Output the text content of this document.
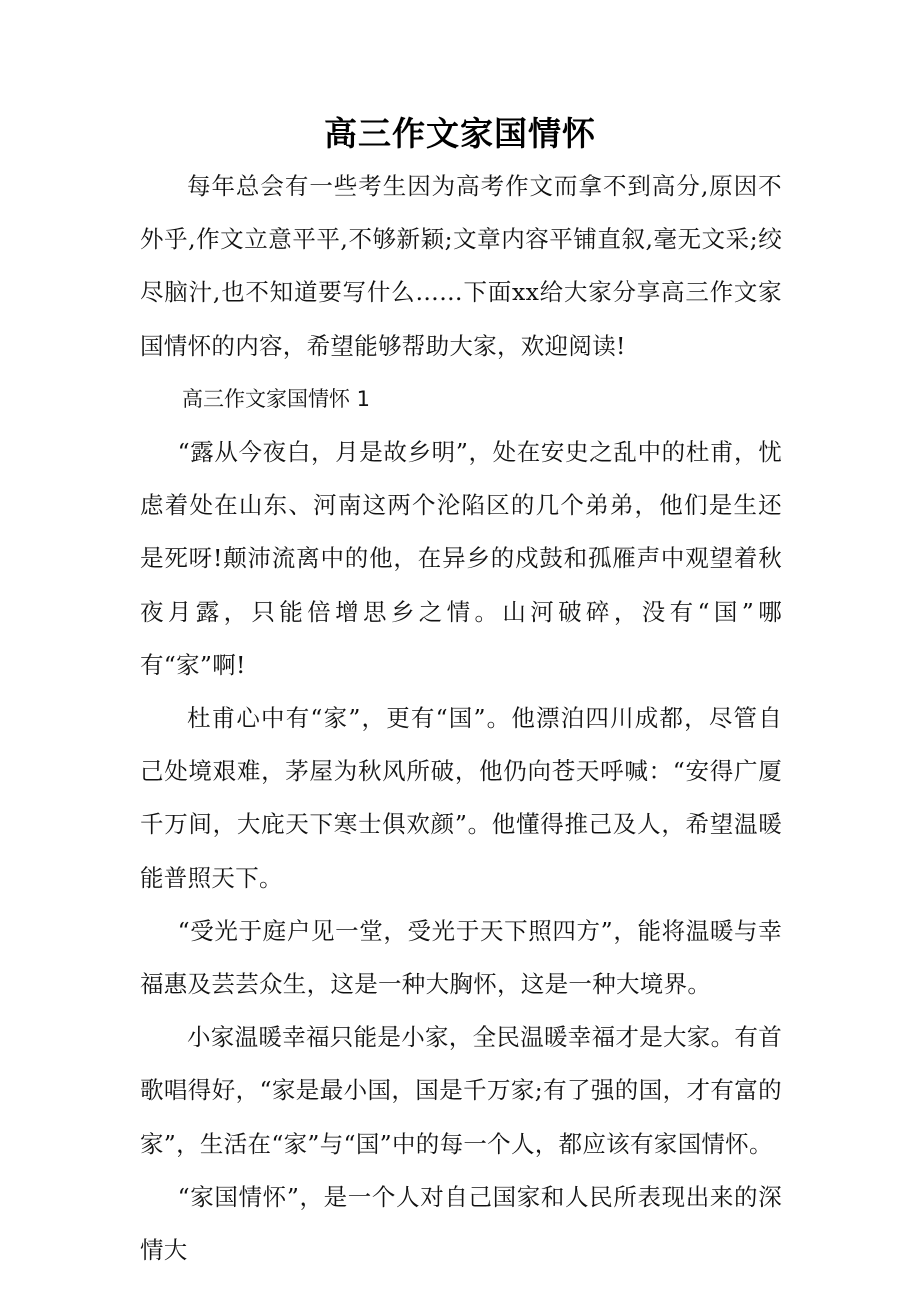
高三作文家国情怀

每年总会有一些考生因为高考作文而拿不到高分,原因不外乎,作文立意平平,不够新颖;文章内容平铺直叙,毫无文采;绞尽脑汁,也不知道要写什么……下面xx给大家分享高三作文家国情怀的内容，希望能够帮助大家，欢迎阅读!

高三作文家国情怀 1

“露从今夜白，月是故乡明”，处在安史之乱中的杜甫，忧虑着处在山东、河南这两个沦陷区的几个弟弟，他们是生还是死呀!颠沛流离中的他，在异乡的戍鼓和孤雁声中观望着秋夜月露，只能倍增思乡之情。山河破碎，没有“国”哪有“家”啊!

杜甫心中有“家”，更有“国”。他漂泊四川成都，尽管自己处境艰难，茅屋为秋风所破，他仍向苍天呼喊：“安得广厦千万间，大庇天下寒士俱欢颜”。他懂得推己及人，希望温暖能普照天下。

“受光于庭户见一堂，受光于天下照四方”，能将温暖与幸福惠及芸芸众生，这是一种大胸怀，这是一种大境界。

小家温暖幸福只能是小家，全民温暖幸福才是大家。有首歌唱得好，“家是最小国，国是千万家;有了强的国，才有富的家”，生活在“家”与“国”中的每一个人，都应该有家国情怀。

“家国情怀”，是一个人对自己国家和人民所表现出来的深情大
